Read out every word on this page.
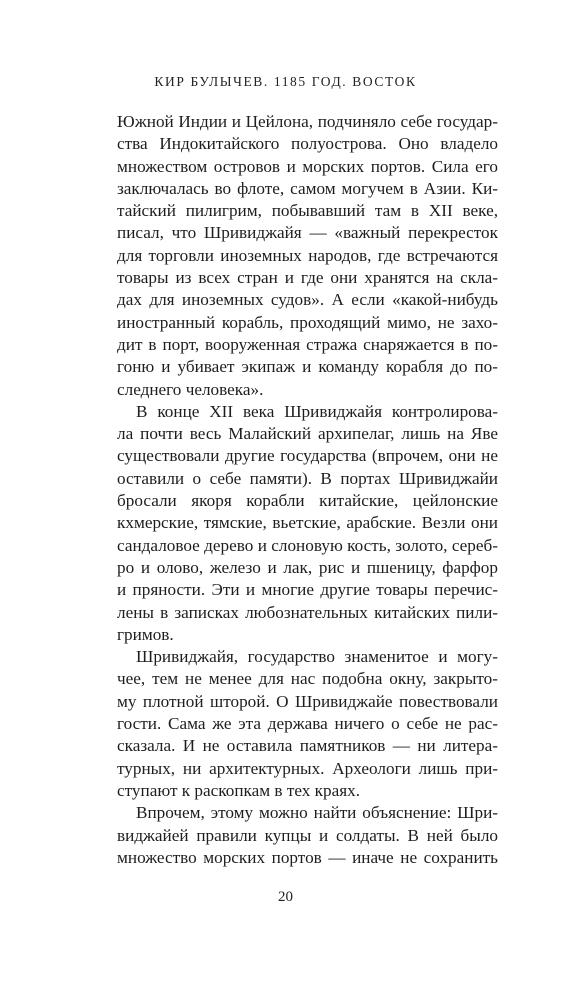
КИР БУЛЫЧЕВ. 1185 ГОД. ВОСТОК
Южной Индии и Цейлона, подчиняло себе государ-
ства Индокитайского полуострова. Оно владело
множеством островов и морских портов. Сила его
заключалась во флоте, самом могучем в Азии. Ки-
тайский пилигрим, побывавший там в XII веке,
писал, что Шривиджайя — «важный перекресток
для торговли иноземных народов, где встречаются
товары из всех стран и где они хранятся на скла-
дах для иноземных судов». А если «какой-нибудь
иностранный корабль, проходящий мимо, не захо-
дит в порт, вооруженная стража снаряжается в по-
гоню и убивает экипаж и команду корабля до по-
следнего человека».
В конце XII века Шривиджайя контролирова-
ла почти весь Малайский архипелаг, лишь на Яве
существовали другие государства (впрочем, они не
оставили о себе памяти). В портах Шривиджайи
бросали якоря корабли китайские, цейлонские
кхмерские, тямские, вьетские, арабские. Везли они
сандаловое дерево и слоновую кость, золото, сереб-
ро и олово, железо и лак, рис и пшеницу, фарфор
и пряности. Эти и многие другие товары перечис-
лены в записках любознательных китайских пили-
гримов.
Шривиджайя, государство знаменитое и могу-
чее, тем не менее для нас подобна окну, закрыто-
му плотной шторой. О Шривиджайе повествовали
гости. Сама же эта держава ничего о себе не рас-
сказала. И не оставила памятников — ни литера-
турных, ни архитектурных. Археологи лишь при-
ступают к раскопкам в тех краях.
Впрочем, этому можно найти объяснение: Шри-
виджайей правили купцы и солдаты. В ней было
множество морских портов — иначе не сохранить
20
